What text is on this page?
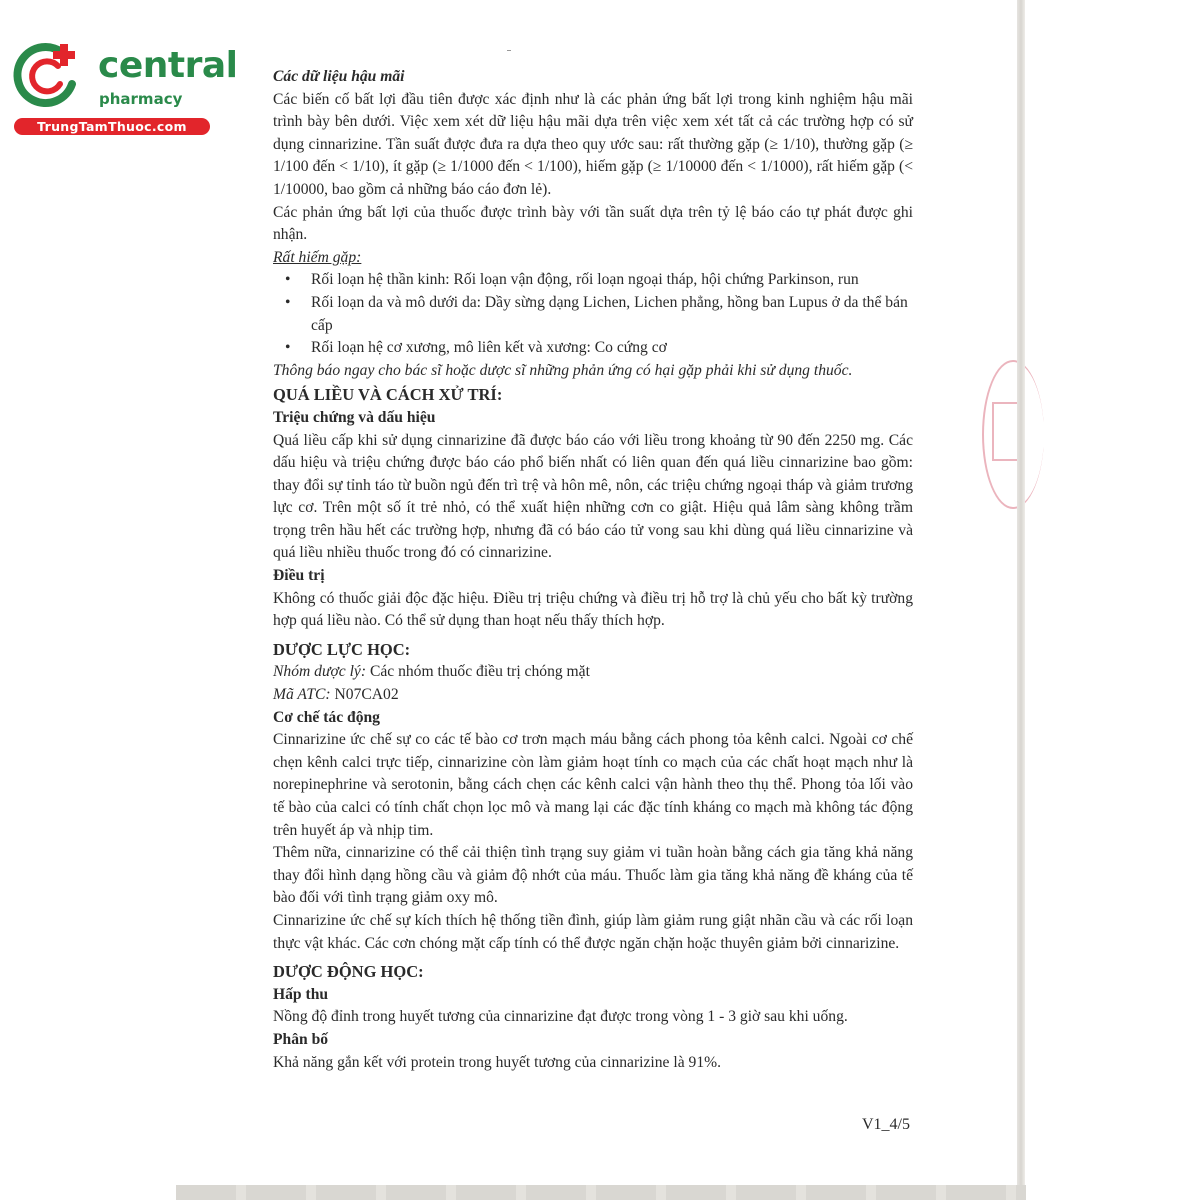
central
pharmacy
TrungTamThuoc.com

Các dữ liệu hậu mãi

Các biến cố bất lợi đầu tiên được xác định như là các phản ứng bất lợi trong kinh nghiệm hậu mãi trình bày bên dưới. Việc xem xét dữ liệu hậu mãi dựa trên việc xem xét tất cả các trường hợp có sử dụng cinnarizine. Tần suất được đưa ra dựa theo quy ước sau: rất thường gặp (≥ 1/10), thường gặp (≥ 1/100 đến < 1/10), ít gặp (≥ 1/1000 đến < 1/100), hiếm gặp (≥ 1/10000 đến < 1/1000), rất hiếm gặp (< 1/10000, bao gồm cả những báo cáo đơn lẻ).

Các phản ứng bất lợi của thuốc được trình bày với tần suất dựa trên tỷ lệ báo cáo tự phát được ghi nhận.

Rất hiếm gặp:

• Rối loạn hệ thần kinh: Rối loạn vận động, rối loạn ngoại tháp, hội chứng Parkinson, run
• Rối loạn da và mô dưới da: Dầy sừng dạng Lichen, Lichen phẳng, hồng ban Lupus ở da thể bán cấp
• Rối loạn hệ cơ xương, mô liên kết và xương: Co cứng cơ

Thông báo ngay cho bác sĩ hoặc dược sĩ những phản ứng có hại gặp phải khi sử dụng thuốc.

QUÁ LIỀU VÀ CÁCH XỬ TRÍ:

Triệu chứng và dấu hiệu

Quá liều cấp khi sử dụng cinnarizine đã được báo cáo với liều trong khoảng từ 90 đến 2250 mg. Các dấu hiệu và triệu chứng được báo cáo phổ biến nhất có liên quan đến quá liều cinnarizine bao gồm: thay đổi sự tỉnh táo từ buồn ngủ đến trì trệ và hôn mê, nôn, các triệu chứng ngoại tháp và giảm trương lực cơ. Trên một số ít trẻ nhỏ, có thể xuất hiện những cơn co giật. Hiệu quả lâm sàng không trầm trọng trên hầu hết các trường hợp, nhưng đã có báo cáo tử vong sau khi dùng quá liều cinnarizine và quá liều nhiều thuốc trong đó có cinnarizine.

Điều trị

Không có thuốc giải độc đặc hiệu. Điều trị triệu chứng và điều trị hỗ trợ là chủ yếu cho bất kỳ trường hợp quá liều nào. Có thể sử dụng than hoạt nếu thấy thích hợp.

DƯỢC LỰC HỌC:

Nhóm dược lý: Các nhóm thuốc điều trị chóng mặt

Mã ATC: N07CA02

Cơ chế tác động

Cinnarizine ức chế sự co các tế bào cơ trơn mạch máu bằng cách phong tỏa kênh calci. Ngoài cơ chế chẹn kênh calci trực tiếp, cinnarizine còn làm giảm hoạt tính co mạch của các chất hoạt mạch như là norepinephrine và serotonin, bằng cách chẹn các kênh calci vận hành theo thụ thể. Phong tỏa lối vào tế bào của calci có tính chất chọn lọc mô và mang lại các đặc tính kháng co mạch mà không tác động trên huyết áp và nhịp tim.

Thêm nữa, cinnarizine có thể cải thiện tình trạng suy giảm vi tuần hoàn bằng cách gia tăng khả năng thay đổi hình dạng hồng cầu và giảm độ nhớt của máu. Thuốc làm gia tăng khả năng đề kháng của tế bào đối với tình trạng giảm oxy mô.

Cinnarizine ức chế sự kích thích hệ thống tiền đình, giúp làm giảm rung giật nhãn cầu và các rối loạn thực vật khác. Các cơn chóng mặt cấp tính có thể được ngăn chặn hoặc thuyên giảm bởi cinnarizine.

DƯỢC ĐỘNG HỌC:

Hấp thu

Nồng độ đỉnh trong huyết tương của cinnarizine đạt được trong vòng 1 - 3 giờ sau khi uống.

Phân bố

Khả năng gắn kết với protein trong huyết tương của cinnarizine là 91%.

V1_4/5
